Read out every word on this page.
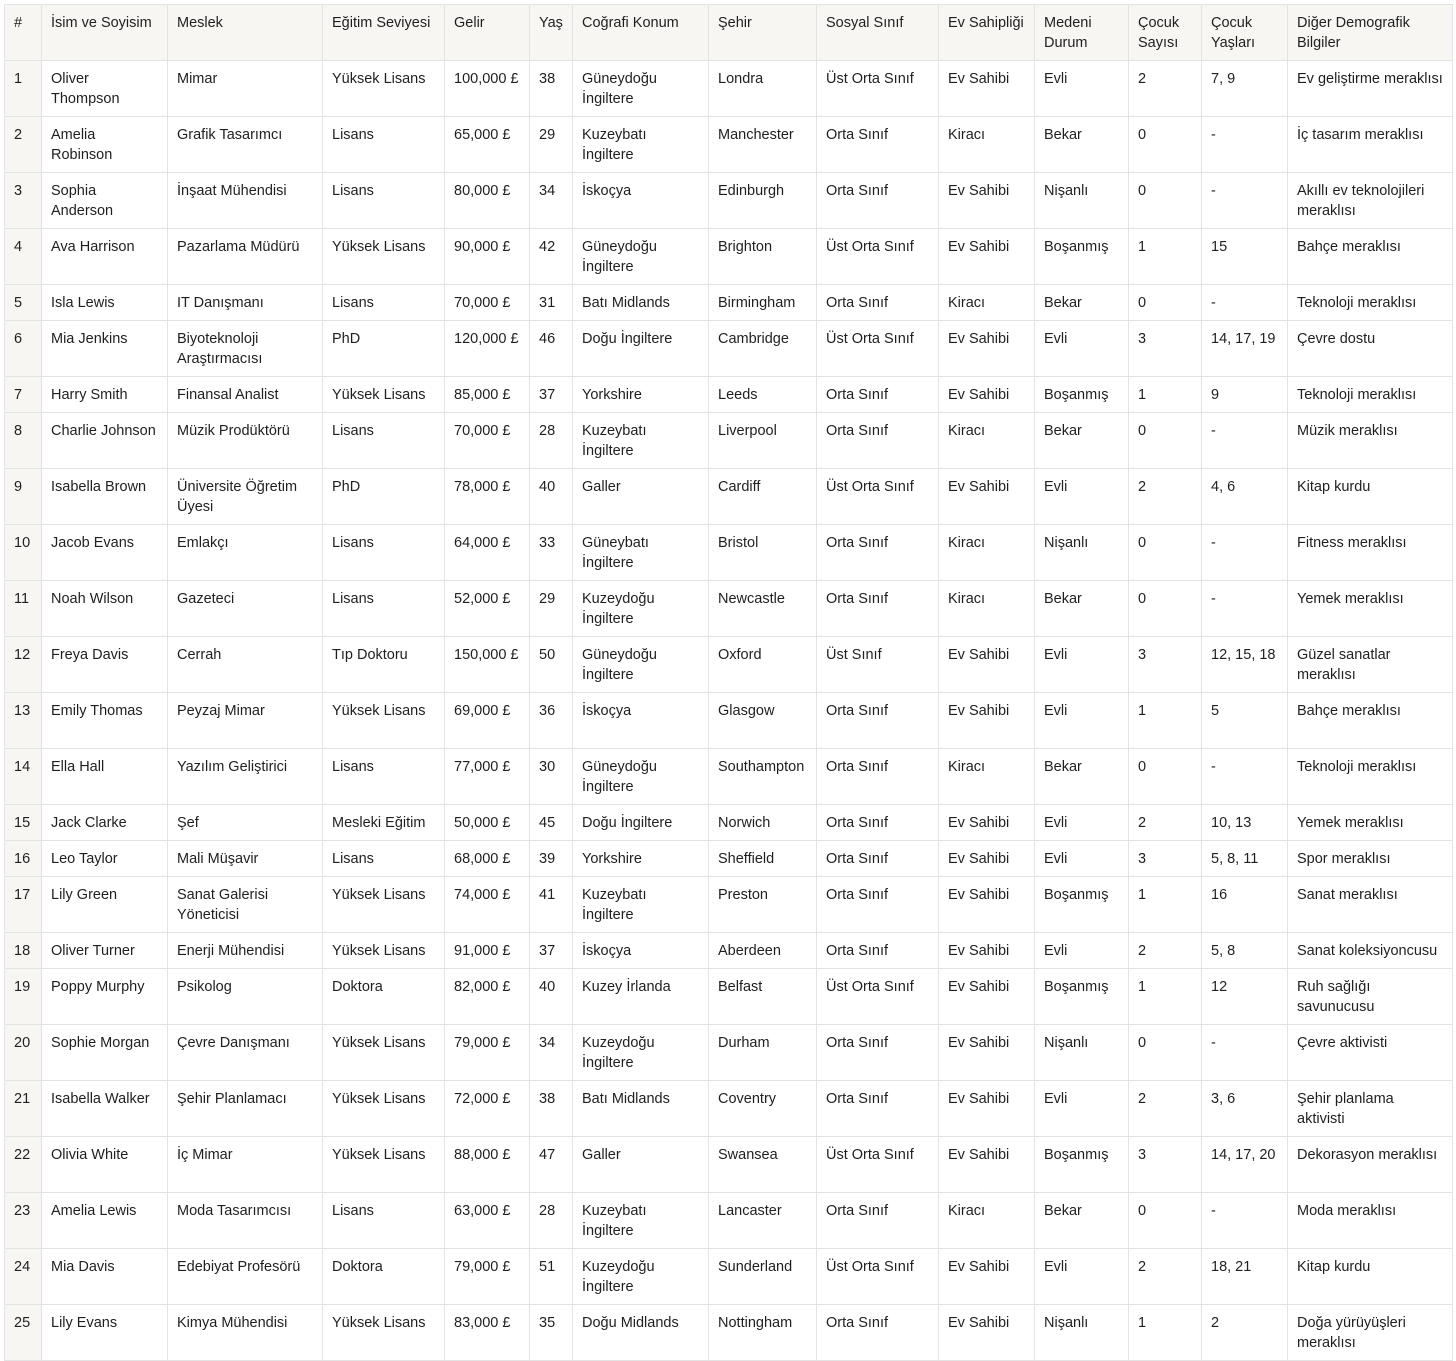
#	İsim ve Soyisim	Meslek	Eğitim Seviyesi	Gelir	Yaş	Coğrafi Konum	Şehir	Sosyal Sınıf	Ev Sahipliği	Medeni Durum	Çocuk Sayısı	Çocuk Yaşları	Diğer Demografik Bilgiler
1	Oliver Thompson	Mimar	Yüksek Lisans	100,000 £	38	Güneydoğu İngiltere	Londra	Üst Orta Sınıf	Ev Sahibi	Evli	2	7, 9	Ev geliştirme meraklısı
2	Amelia Robinson	Grafik Tasarımcı	Lisans	65,000 £	29	Kuzeybatı İngiltere	Manchester	Orta Sınıf	Kiracı	Bekar	0	-	İç tasarım meraklısı
3	Sophia Anderson	İnşaat Mühendisi	Lisans	80,000 £	34	İskoçya	Edinburgh	Orta Sınıf	Ev Sahibi	Nişanlı	0	-	Akıllı ev teknolojileri meraklısı
4	Ava Harrison	Pazarlama Müdürü	Yüksek Lisans	90,000 £	42	Güneydoğu İngiltere	Brighton	Üst Orta Sınıf	Ev Sahibi	Boşanmış	1	15	Bahçe meraklısı
5	Isla Lewis	IT Danışmanı	Lisans	70,000 £	31	Batı Midlands	Birmingham	Orta Sınıf	Kiracı	Bekar	0	-	Teknoloji meraklısı
6	Mia Jenkins	Biyoteknoloji Araştırmacısı	PhD	120,000 £	46	Doğu İngiltere	Cambridge	Üst Orta Sınıf	Ev Sahibi	Evli	3	14, 17, 19	Çevre dostu
7	Harry Smith	Finansal Analist	Yüksek Lisans	85,000 £	37	Yorkshire	Leeds	Orta Sınıf	Ev Sahibi	Boşanmış	1	9	Teknoloji meraklısı
8	Charlie Johnson	Müzik Prodüktörü	Lisans	70,000 £	28	Kuzeybatı İngiltere	Liverpool	Orta Sınıf	Kiracı	Bekar	0	-	Müzik meraklısı
9	Isabella Brown	Üniversite Öğretim Üyesi	PhD	78,000 £	40	Galler	Cardiff	Üst Orta Sınıf	Ev Sahibi	Evli	2	4, 6	Kitap kurdu
10	Jacob Evans	Emlakçı	Lisans	64,000 £	33	Güneybatı İngiltere	Bristol	Orta Sınıf	Kiracı	Nişanlı	0	-	Fitness meraklısı
11	Noah Wilson	Gazeteci	Lisans	52,000 £	29	Kuzeydoğu İngiltere	Newcastle	Orta Sınıf	Kiracı	Bekar	0	-	Yemek meraklısı
12	Freya Davis	Cerrah	Tıp Doktoru	150,000 £	50	Güneydoğu İngiltere	Oxford	Üst Sınıf	Ev Sahibi	Evli	3	12, 15, 18	Güzel sanatlar meraklısı
13	Emily Thomas	Peyzaj Mimar	Yüksek Lisans	69,000 £	36	İskoçya	Glasgow	Orta Sınıf	Ev Sahibi	Evli	1	5	Bahçe meraklısı
14	Ella Hall	Yazılım Geliştirici	Lisans	77,000 £	30	Güneydoğu İngiltere	Southampton	Orta Sınıf	Kiracı	Bekar	0	-	Teknoloji meraklısı
15	Jack Clarke	Şef	Mesleki Eğitim	50,000 £	45	Doğu İngiltere	Norwich	Orta Sınıf	Ev Sahibi	Evli	2	10, 13	Yemek meraklısı
16	Leo Taylor	Mali Müşavir	Lisans	68,000 £	39	Yorkshire	Sheffield	Orta Sınıf	Ev Sahibi	Evli	3	5, 8, 11	Spor meraklısı
17	Lily Green	Sanat Galerisi Yöneticisi	Yüksek Lisans	74,000 £	41	Kuzeybatı İngiltere	Preston	Orta Sınıf	Ev Sahibi	Boşanmış	1	16	Sanat meraklısı
18	Oliver Turner	Enerji Mühendisi	Yüksek Lisans	91,000 £	37	İskoçya	Aberdeen	Orta Sınıf	Ev Sahibi	Evli	2	5, 8	Sanat koleksiyoncusu
19	Poppy Murphy	Psikolog	Doktora	82,000 £	40	Kuzey İrlanda	Belfast	Üst Orta Sınıf	Ev Sahibi	Boşanmış	1	12	Ruh sağlığı savunucusu
20	Sophie Morgan	Çevre Danışmanı	Yüksek Lisans	79,000 £	34	Kuzeydoğu İngiltere	Durham	Orta Sınıf	Ev Sahibi	Nişanlı	0	-	Çevre aktivisti
21	Isabella Walker	Şehir Planlamacı	Yüksek Lisans	72,000 £	38	Batı Midlands	Coventry	Orta Sınıf	Ev Sahibi	Evli	2	3, 6	Şehir planlama aktivisti
22	Olivia White	İç Mimar	Yüksek Lisans	88,000 £	47	Galler	Swansea	Üst Orta Sınıf	Ev Sahibi	Boşanmış	3	14, 17, 20	Dekorasyon meraklısı
23	Amelia Lewis	Moda Tasarımcısı	Lisans	63,000 £	28	Kuzeybatı İngiltere	Lancaster	Orta Sınıf	Kiracı	Bekar	0	-	Moda meraklısı
24	Mia Davis	Edebiyat Profesörü	Doktora	79,000 £	51	Kuzeydoğu İngiltere	Sunderland	Üst Orta Sınıf	Ev Sahibi	Evli	2	18, 21	Kitap kurdu
25	Lily Evans	Kimya Mühendisi	Yüksek Lisans	83,000 £	35	Doğu Midlands	Nottingham	Orta Sınıf	Ev Sahibi	Nişanlı	1	2	Doğa yürüyüşleri meraklısı
